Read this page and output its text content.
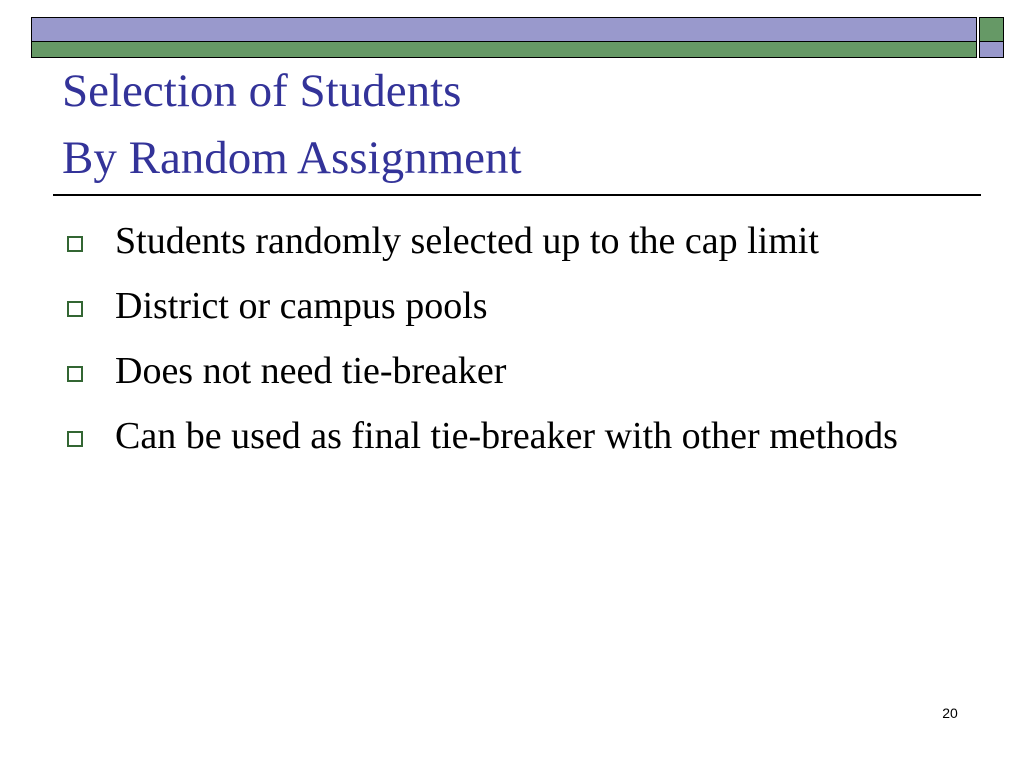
Selection of Students
By Random Assignment
Students randomly selected up to the cap limit
District or campus pools
Does not need tie-breaker
Can be used as final tie-breaker with other methods
20
